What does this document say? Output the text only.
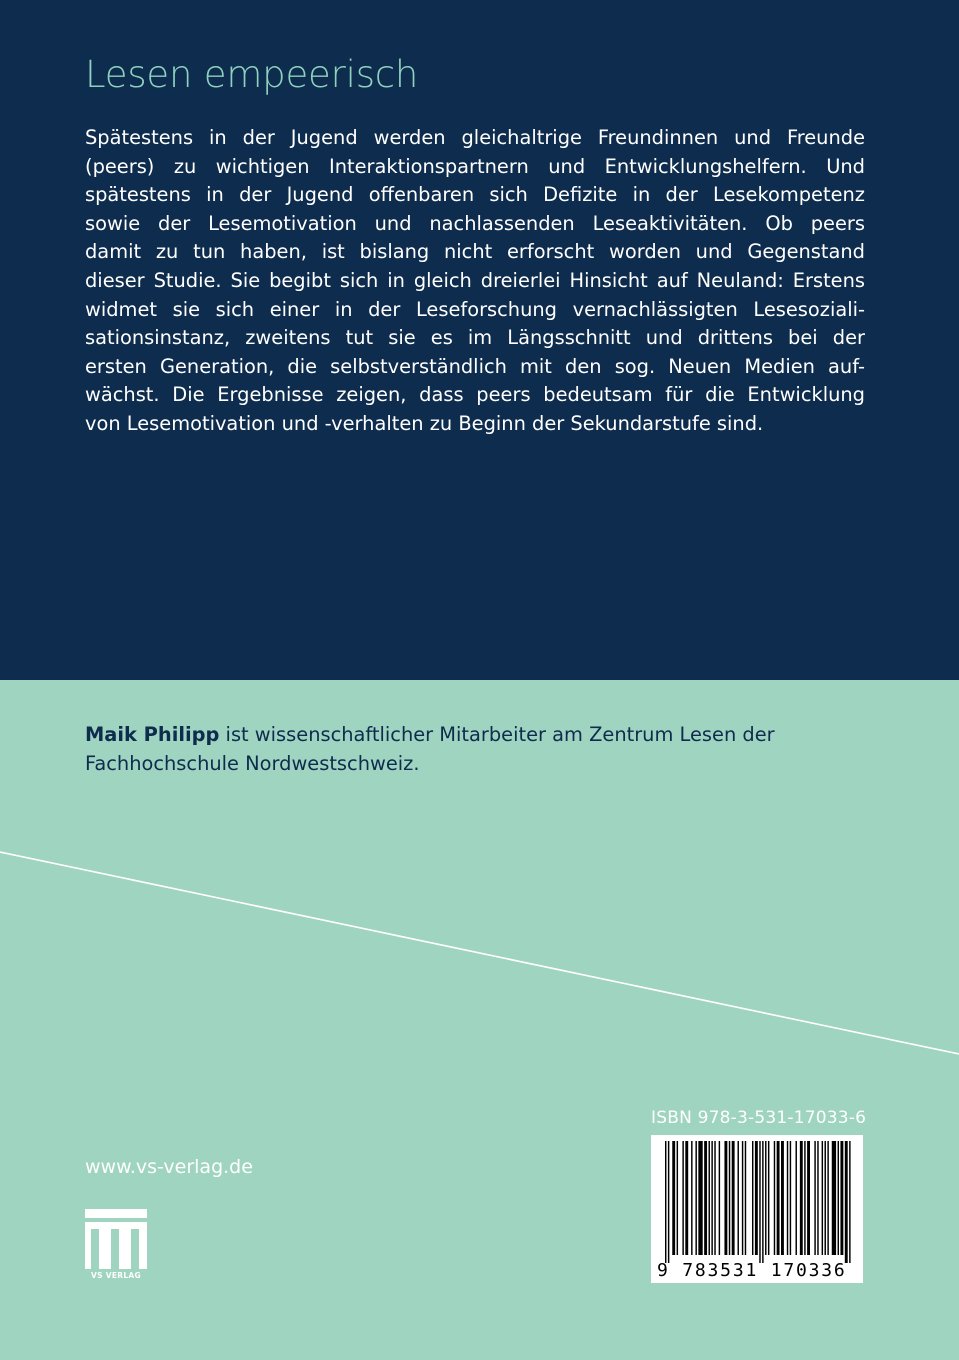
Lesen empeerisch
Spätestens in der Jugend werden gleichaltrige Freundinnen und Freunde
(peers) zu wichtigen Interaktionspartnern und Entwicklungshelfern. Und
spätestens in der Jugend offenbaren sich Defizite in der Lesekompetenz
sowie der Lesemotivation und nachlassenden Leseaktivitäten. Ob peers
damit zu tun haben, ist bislang nicht erforscht worden und Gegenstand
dieser Studie. Sie begibt sich in gleich dreierlei Hinsicht auf Neuland: Erstens
widmet sie sich einer in der Leseforschung vernachlässigten Lesesoziali-
sationsinstanz, zweitens tut sie es im Längsschnitt und drittens bei der
ersten Generation, die selbstverständlich mit den sog. Neuen Medien auf-
wächst. Die Ergebnisse zeigen, dass peers bedeutsam für die Entwicklung
von Lesemotivation und -verhalten zu Beginn der Sekundarstufe sind.
Maik Philipp ist wissenschaftlicher Mitarbeiter am Zentrum Lesen der
Fachhochschule Nordwestschweiz.

www.vs-verlag.de

VS VERLAG

ISBN 978-3-531-17033-6

9 783531 170336
